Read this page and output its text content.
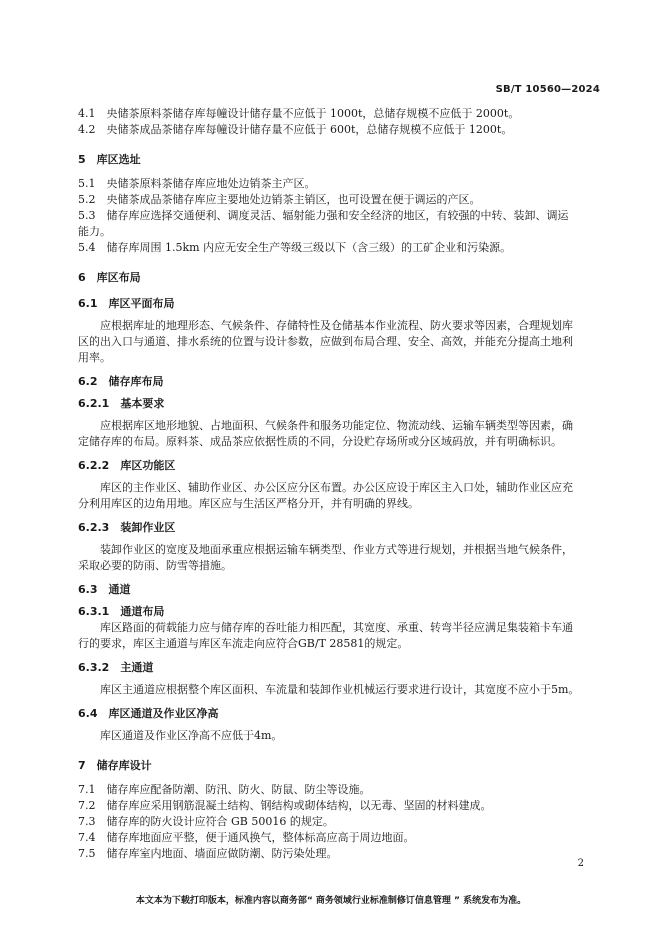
SB/T 10560—2024
4.1　央储茶原料茶储存库每幢设计储存量不应低于 1000t，总储存规模不应低于 2000t。
4.2　央储茶成品茶储存库每幢设计储存量不应低于 600t，总储存规模不应低于 1200t。
5　库区选址
5.1　央储茶原料茶储存库应地处边销茶主产区。
5.2　央储茶成品茶储存库应主要地处边销茶主销区，也可设置在便于调运的产区。
5.3　储存库应选择交通便利、调度灵活、辐射能力强和安全经济的地区，有较强的中转、装卸、调运
能力。
5.4　储存库周围 1.5km 内应无安全生产等级三级以下（含三级）的工矿企业和污染源。
6　库区布局
6.1　库区平面布局
应根据库址的地理形态、气候条件、存储特性及仓储基本作业流程、防火要求等因素，合理规划库
区的出入口与通道、排水系统的位置与设计参数，应做到布局合理、安全、高效，并能充分提高土地利
用率。
6.2　储存库布局
6.2.1　基本要求
应根据库区地形地貌、占地面积、气候条件和服务功能定位、物流动线、运输车辆类型等因素，确
定储存库的布局。原料茶、成品茶应依据性质的不同，分设贮存场所或分区域码放，并有明确标识。
6.2.2　库区功能区
库区的主作业区、辅助作业区、办公区应分区布置。办公区应设于库区主入口处，辅助作业区应充
分利用库区的边角用地。库区应与生活区严格分开，并有明确的界线。
6.2.3　装卸作业区
装卸作业区的宽度及地面承重应根据运输车辆类型、作业方式等进行规划，并根据当地气候条件，
采取必要的防雨、防雪等措施。
6.3　通道
6.3.1　通道布局
库区路面的荷载能力应与储存库的吞吐能力相匹配，其宽度、承重、转弯半径应满足集装箱卡车通
行的要求，库区主通道与库区车流走向应符合GB/T 28581的规定。
6.3.2　主通道
库区主通道应根据整个库区面积、车流量和装卸作业机械运行要求进行设计，其宽度不应小于5m。
6.4　库区通道及作业区净高
库区通道及作业区净高不应低于4m。
7　储存库设计
7.1　储存库应配备防潮、防汛、防火、防鼠、防尘等设施。
7.2　储存库应采用钢筋混凝土结构、钢结构或砌体结构，以无毒、坚固的材料建成。
7.3　储存库的防火设计应符合 GB 50016 的规定。
7.4　储存库地面应平整，便于通风换气，整体标高应高于周边地面。
7.5　储存库室内地面、墙面应做防潮、防污染处理。
2
本文本为下载打印版本，标准内容以商务部“ 商务领域行业标准制修订信息管理 ” 系统发布为准。
